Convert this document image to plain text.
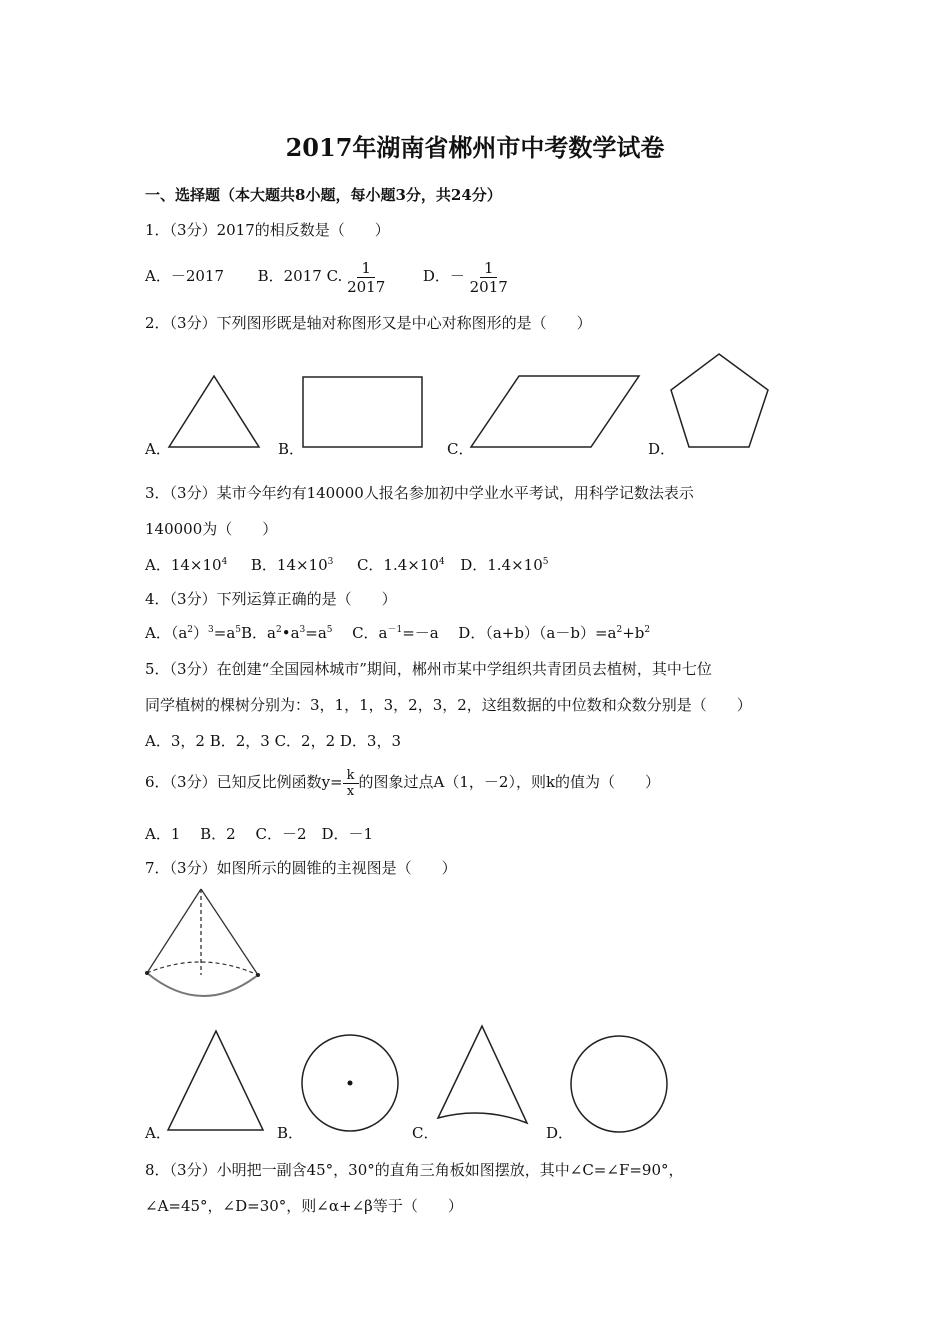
2017年湖南省郴州市中考数学试卷
一、选择题（本大题共8小题，每小题3分，共24分）
1．（3分）2017的相反数是（　　）
A．－2017 B．2017 C. $\frac{1}{2017}$	D．－ $\frac{1}{2017}$
2．（3分）下列图形既是轴对称图形又是中心对称图形的是（　　）
A．	B．	C．	D．
3．（3分）某市今年约有140000人报名参加初中学业水平考试，用科学记数法表示
140000为（　　）
A．$14\times 10^4$ B．$14\times 10^3$ C．$1.4\times 10^4$ D．$1.4\times 10^5$
4．（3分）下列运算正确的是（　　）
A．$(a^2)^3=a^5B$．$a^2•a^3=a^5$ C．$a^{-1}=-a$ D．$(a+b)(a-b)=a^2+b^2$
5．（3分）在创建“全国园林城市”期间，郴州市某中学组织共青团员去植树，其中七位
同学植树的棵树分别为：3，1，1，3，2，3，2，这组数据的中位数和众数分别是（　　）
A．3，2 B．2，3 C．2，2 D．3，3
6．（3分）已知反比例函数$y= \frac{k}{x}$ 的图象过点A（1，－2），则k的值为（　　）
A．1　 B．2　 C．－2　D．－1
7．（3分）如图所示的圆锥的主视图是（　　）
A．	B．	C．	D．
8．（3分）小明把一副含45°，30°的直角三角板如图摆放，其中∠C=∠F=90°，
∠A=45°，∠D=30°，则∠α+∠β等于（　　）
